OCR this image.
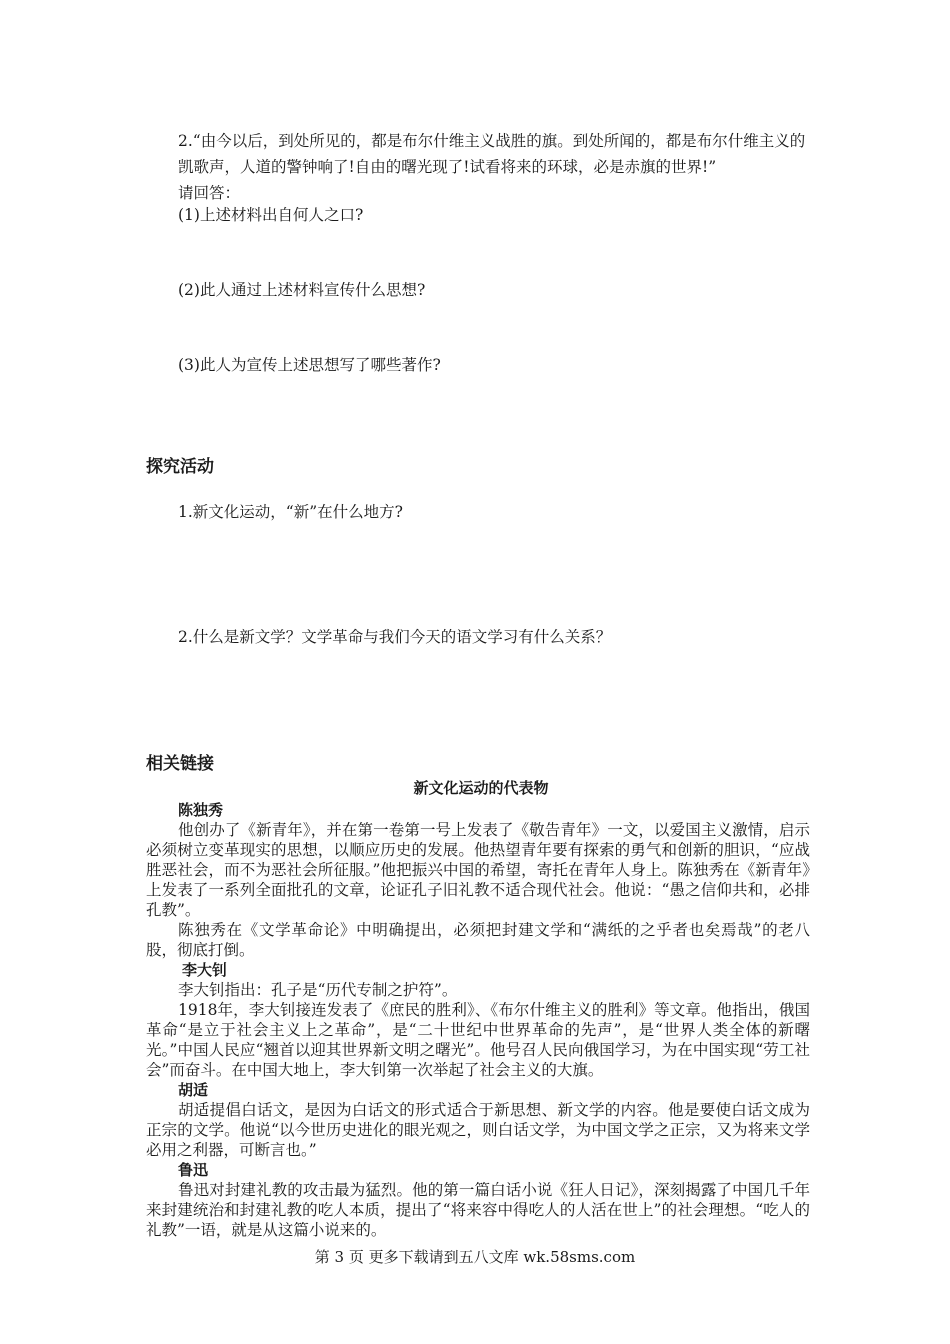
2.“由今以后，到处所见的，都是布尔什维主义战胜的旗。到处所闻的，都是布尔什维主义的凯歌声，人道的警钟响了!自由的曙光现了!试看将来的环球，必是赤旗的世界!”
请回答：
(1)上述材料出自何人之口?
(2)此人通过上述材料宣传什么思想?
(3)此人为宣传上述思想写了哪些著作?
探究活动
1.新文化运动，“新”在什么地方?
2.什么是新文学？文学革命与我们今天的语文学习有什么关系？
相关链接
新文化运动的代表物
陈独秀

他创办了《新青年》，并在第一卷第一号上发表了《敬告青年》一文，以爱国主义激情，启示必须树立变革现实的思想，以顺应历史的发展。他热望青年要有探索的勇气和创新的胆识，“应战胜恶社会，而不为恶社会所征服。”他把振兴中国的希望，寄托在青年人身上。陈独秀在《新青年》上发表了一系列全面批孔的文章，论证孔子旧礼教不适合现代社会。他说：“愚之信仰共和，必排孔教”。

陈独秀在《文学革命论》中明确提出，必须把封建文学和“满纸的之乎者也矣焉哉”的老八股，彻底打倒。

李大钊

李大钊指出：孔子是“历代专制之护符”。

1918年，李大钊接连发表了《庶民的胜利》、《布尔什维主义的胜利》等文章。他指出，俄国革命“是立于社会主义上之革命”，是“二十世纪中世界革命的先声”，是“世界人类全体的新曙光。”中国人民应“翘首以迎其世界新文明之曙光”。他号召人民向俄国学习，为在中国实现“劳工社会”而奋斗。在中国大地上，李大钊第一次举起了社会主义的大旗。

胡适

胡适提倡白话文，是因为白话文的形式适合于新思想、新文学的内容。他是要使白话文成为正宗的文学。他说“以今世历史进化的眼光观之，则白话文学，为中国文学之正宗，又为将来文学必用之利器，可断言也。”

鲁迅

鲁迅对封建礼教的攻击最为猛烈。他的第一篇白话小说《狂人日记》，深刻揭露了中国几千年来封建统治和封建礼教的吃人本质，提出了“将来容中得吃人的人活在世上”的社会理想。“吃人的礼教”一语，就是从这篇小说来的。

第 3 页 更多下载请到五八文库 wk.58sms.com
